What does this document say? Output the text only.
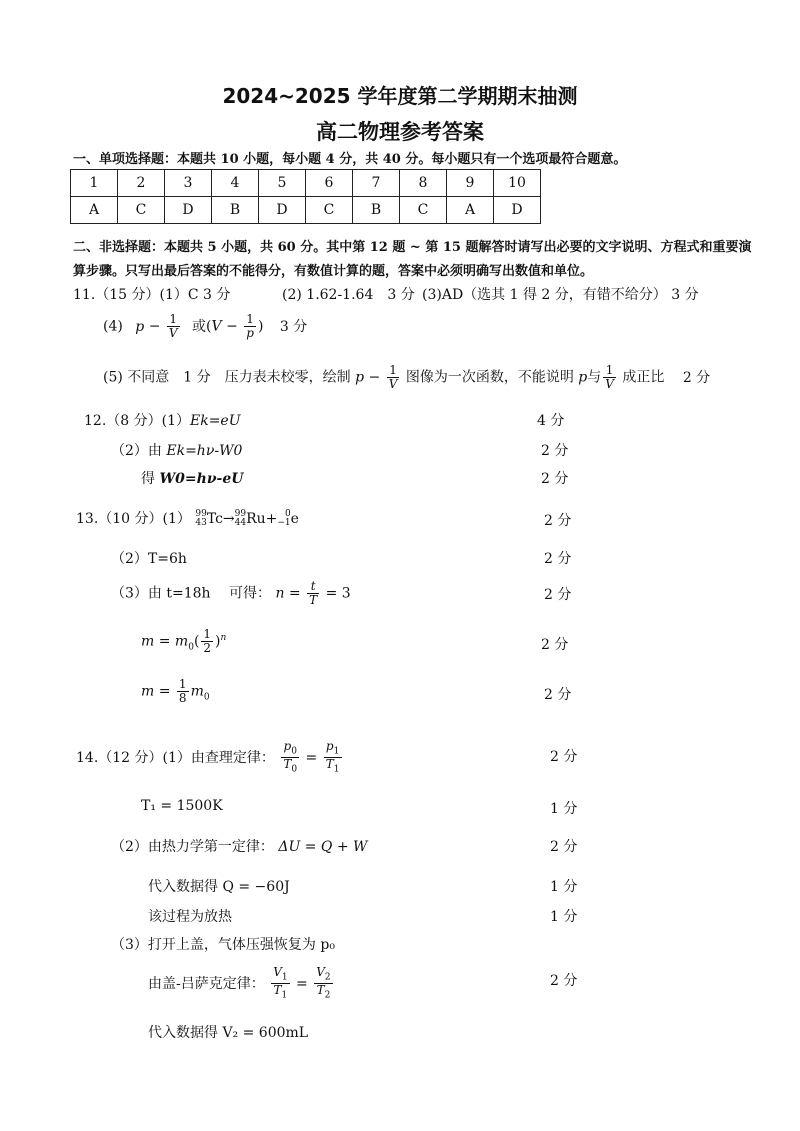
2024~2025 学年度第二学期期末抽测
高二物理参考答案
一、单项选择题：本题共 10 小题，每小题 4 分，共 40 分。每小题只有一个选项最符合题意。
1	2	3	4	5	6	7	8	9	10
A	C	D	B	D	C	B	C	A	D
二、非选择题：本题共 5 小题，共 60 分。其中第 12 题 ~ 第 15 题解答时请写出必要的文字说明、方程式和重要演
算步骤。只写出最后答案的不能得分，有数值计算的题，答案中必须明确写出数值和单位。
11.（15 分）(1）C 3 分	(2) 1.62-1.64　3 分 (3)AD（选其 1 得 2 分，有错不给分） 3 分
(4) $p - \frac{1}{V}$ 或($V - \frac{1}{p}$ ) 3 分
(5) 不同意　1 分　压力表未校零，绘制 $p - \frac{1}{V}$ 图像为一次函数，不能说明 p与 $\frac{1}{V}$ 成正比 2 分
12.（8 分）(1）Ek=eU	4 分
（2）由 Ek=hν-W0	2 分
得 W0=hν-eU	2 分
13.（10 分）(1） 99
43Tc→99
44Ru+ 0
−1e	2 分
（2）T=6h	2 分
（3）由 t=18h　 可得： $n = \frac{t}{T} = 3$	2 分
$m = m_0( \frac{1}{2} )^n$	2 分
$m = \frac{1}{8} m_0$	2 分
14.（12 分）(1）由查理定律： $\frac{p_0}{T_0} = \frac{p_1}{T_1}$	2 分
T₁ = 1500K	1 分
（2）由热力学第一定律： ΔU = Q + W	2 分
代入数据得 Q = −60J	1 分
该过程为放热	1 分
（3）打开上盖，气体压强恢复为 p₀
由盖-吕萨克定律： $\frac{V_1}{T_1} = \frac{V_2}{T_2}$	2 分
代入数据得 V₂ = 600mL
